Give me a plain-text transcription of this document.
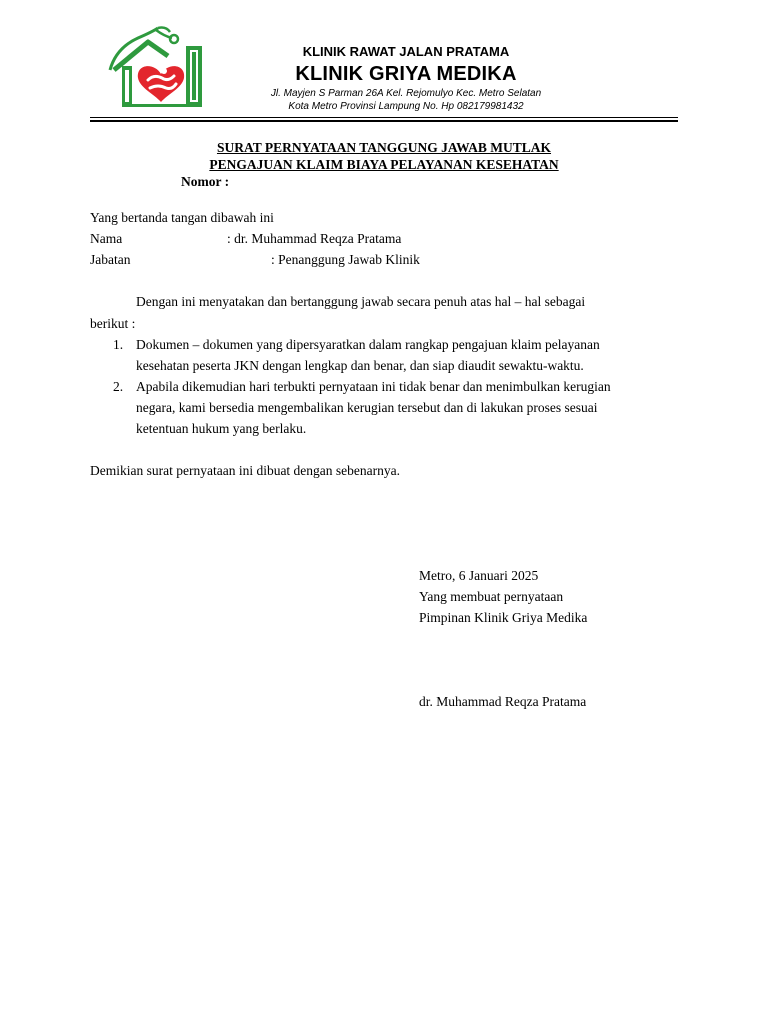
KLINIK RAWAT JALAN PRATAMA
KLINIK GRIYA MEDIKA
Jl. Mayjen S Parman 26A Kel. Rejomulyo Kec. Metro Selatan
Kota Metro Provinsi Lampung No. Hp 082179981432
SURAT PERNYATAAN TANGGUNG JAWAB MUTLAK
PENGAJUAN KLAIM BIAYA PELAYANAN KESEHATAN
Nomor :
Yang bertanda tangan dibawah ini
Nama	: dr. Muhammad Reqza Pratama
Jabatan	: Penanggung Jawab Klinik
Dengan ini menyatakan dan bertanggung jawab secara penuh atas hal – hal sebagai
berikut :
1. Dokumen – dokumen yang dipersyaratkan dalam rangkap pengajuan klaim pelayanan
kesehatan peserta JKN dengan lengkap dan benar, dan siap diaudit sewaktu-waktu.
2. Apabila dikemudian hari terbukti pernyataan ini tidak benar dan menimbulkan kerugian
negara, kami bersedia mengembalikan kerugian tersebut dan di lakukan proses sesuai
ketentuan hukum yang berlaku.
Demikian surat pernyataan ini dibuat dengan sebenarnya.
Metro, 6 Januari 2025
Yang membuat pernyataan
Pimpinan Klinik Griya Medika
dr. Muhammad Reqza Pratama
